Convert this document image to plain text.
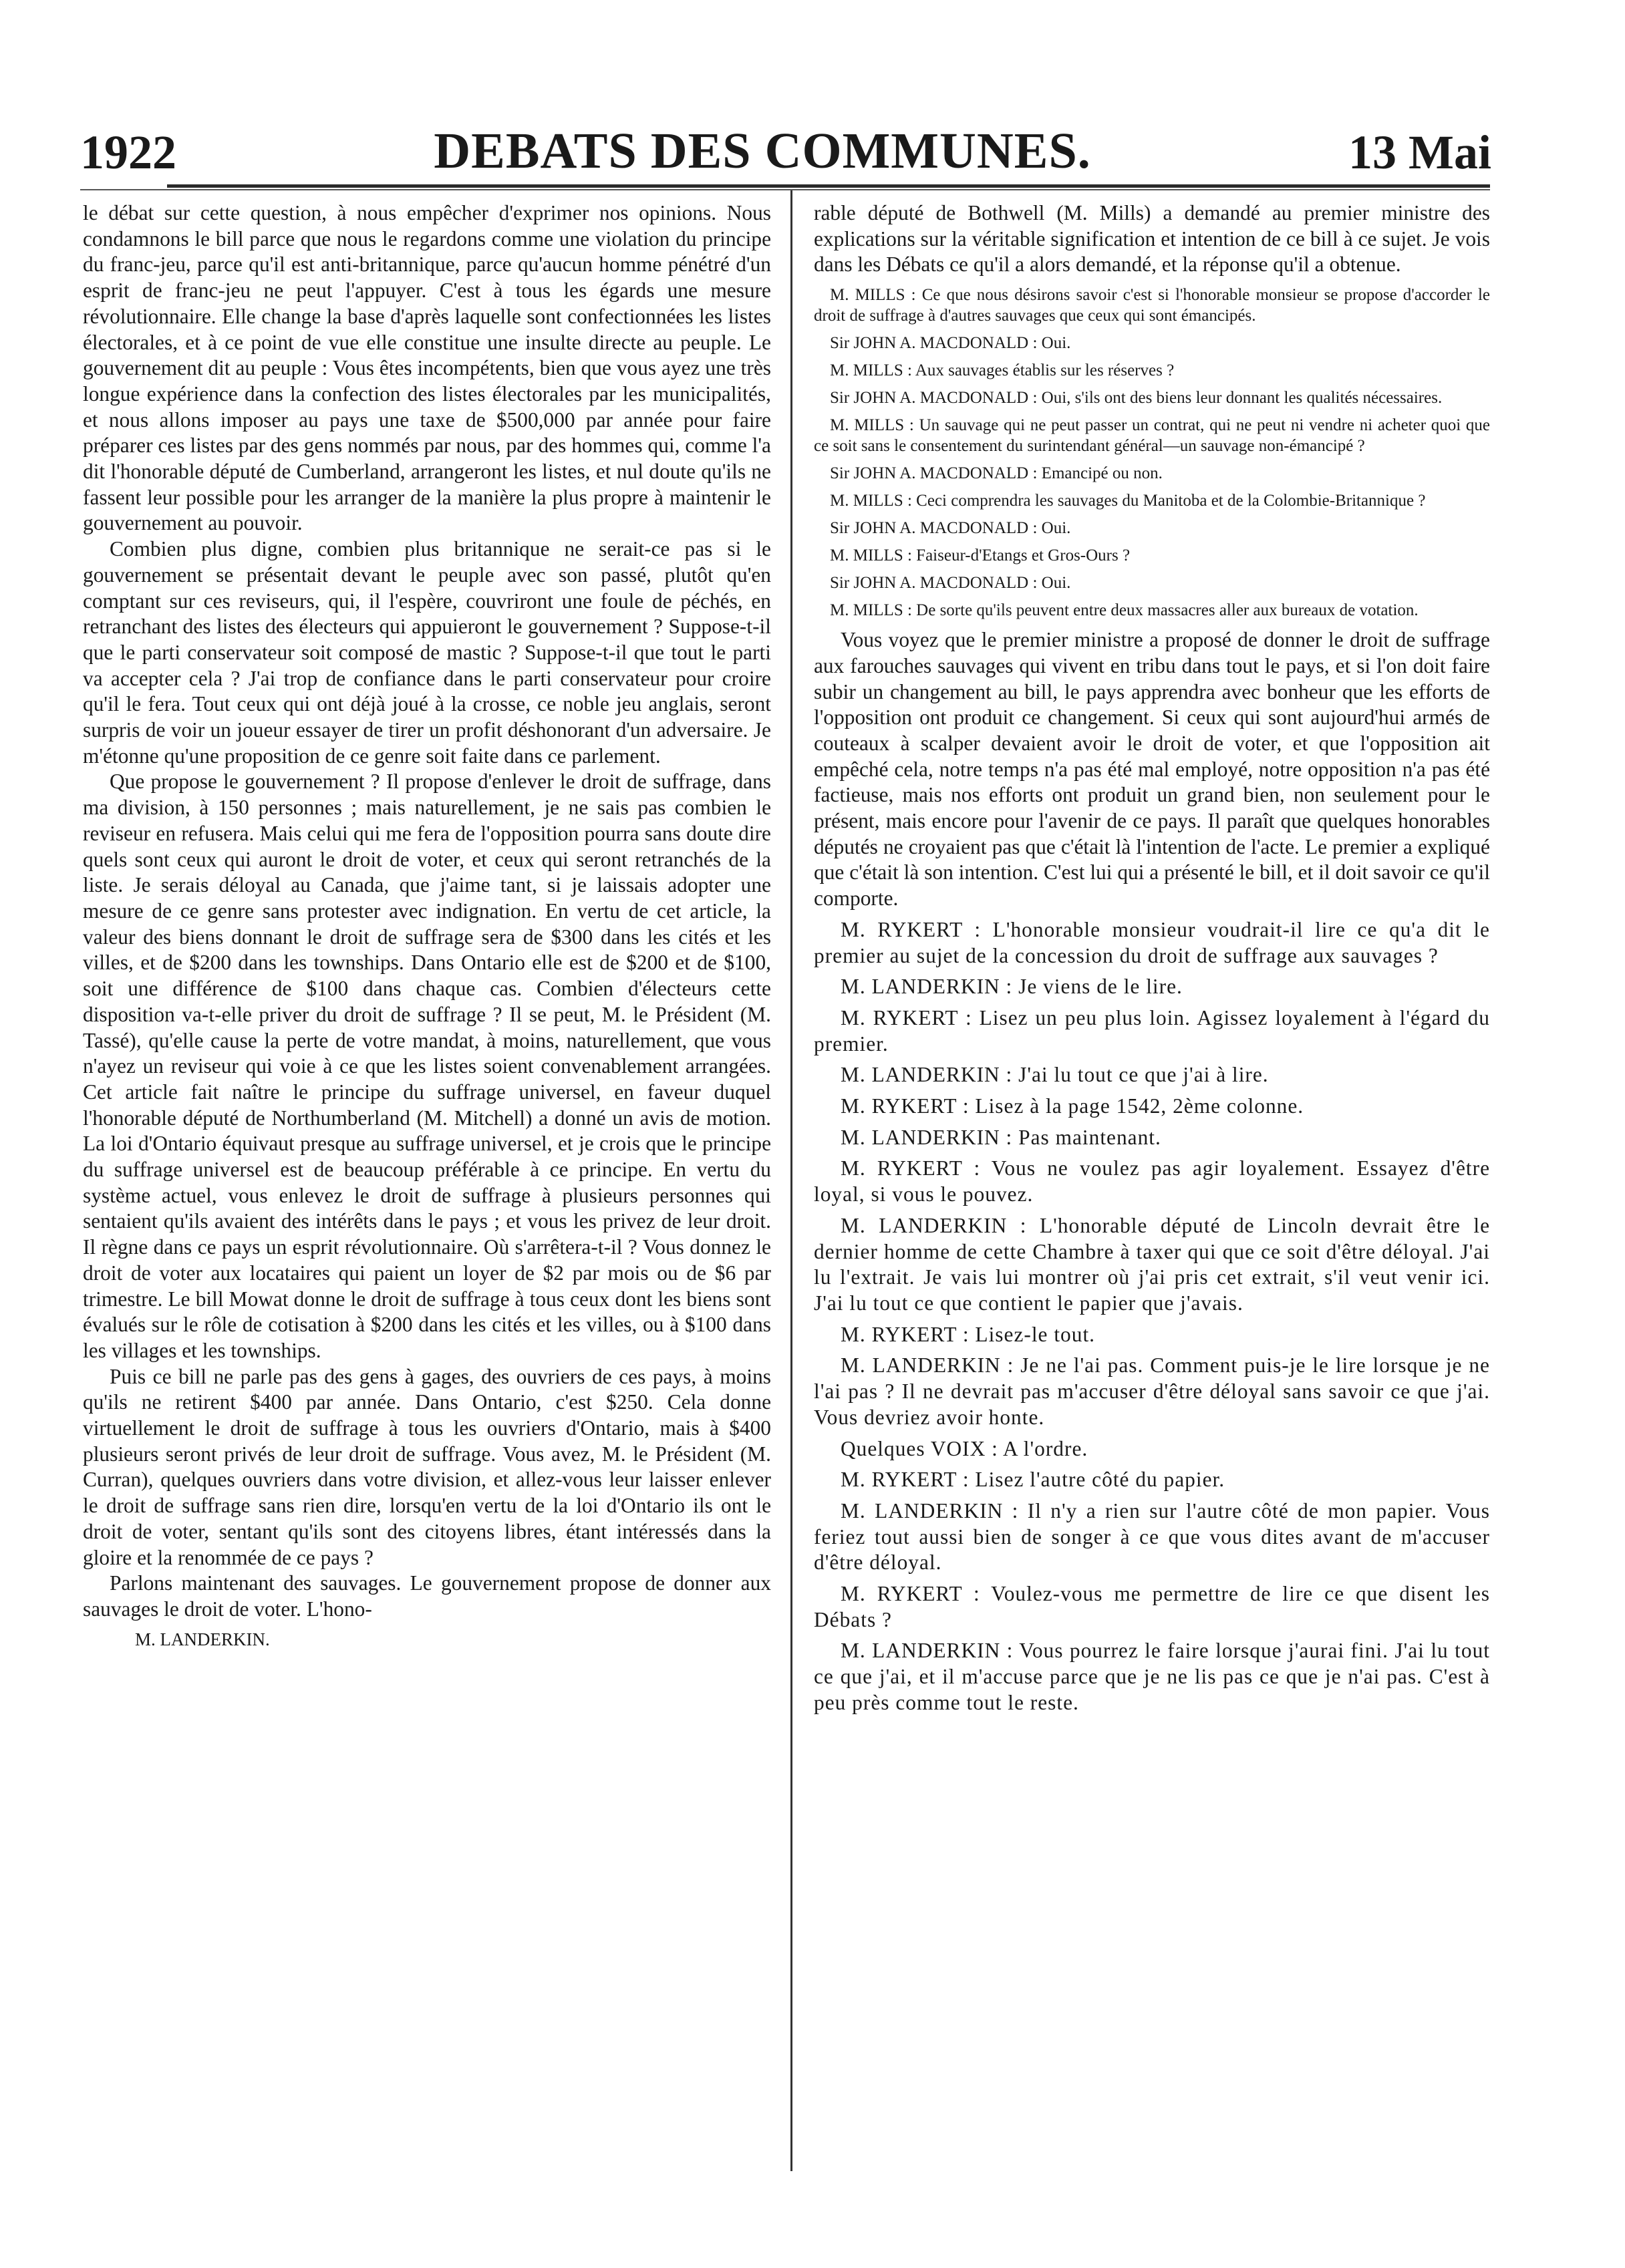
1922	DEBATS DES COMMUNES.	13 Mai

le débat sur cette question, à nous empêcher d'exprimer nos opinions. Nous condamnons le bill parce que nous le regardons comme une violation du principe du franc-jeu, parce qu'il est anti-britannique, parce qu'aucun homme pénétré d'un esprit de franc-jeu ne peut l'appuyer. C'est à tous les égards une mesure révolutionnaire. Elle change la base d'après laquelle sont confectionnées les listes électorales, et à ce point de vue elle constitue une insulte directe au peuple. Le gouvernement dit au peuple : Vous êtes incompétents, bien que vous ayez une très longue expérience dans la confection des listes électorales par les municipalités, et nous allons imposer au pays une taxe de $500,000 par année pour faire préparer ces listes par des gens nommés par nous, par des hommes qui, comme l'a dit l'honorable député de Cumberland, arrangeront les listes, et nul doute qu'ils ne fassent leur possible pour les arranger de la manière la plus propre à maintenir le gouvernement au pouvoir.

Combien plus digne, combien plus britannique ne serait-ce pas si le gouvernement se présentait devant le peuple avec son passé, plutôt qu'en comptant sur ces reviseurs, qui, il l'espère, couvriront une foule de péchés, en retranchant des listes des électeurs qui appuieront le gouvernement ? Suppose-t-il que le parti conservateur soit composé de mastic ? Suppose-t-il que tout le parti va accepter cela ? J'ai trop de confiance dans le parti conservateur pour croire qu'il le fera. Tout ceux qui ont déjà joué à la crosse, ce noble jeu anglais, seront surpris de voir un joueur essayer de tirer un profit déshonorant d'un adversaire. Je m'étonne qu'une proposition de ce genre soit faite dans ce parlement.

Que propose le gouvernement ? Il propose d'enlever le droit de suffrage, dans ma division, à 150 personnes ; mais naturellement, je ne sais pas combien le reviseur en refusera. Mais celui qui me fera de l'opposition pourra sans doute dire quels sont ceux qui auront le droit de voter, et ceux qui seront retranchés de la liste. Je serais déloyal au Canada, que j'aime tant, si je laissais adopter une mesure de ce genre sans protester avec indignation. En vertu de cet article, la valeur des biens donnant le droit de suffrage sera de $300 dans les cités et les villes, et de $200 dans les townships. Dans Ontario elle est de $200 et de $100, soit une différence de $100 dans chaque cas. Combien d'électeurs cette disposition va-t-elle priver du droit de suffrage ? Il se peut, M. le Président (M. Tassé), qu'elle cause la perte de votre mandat, à moins, naturellement, que vous n'ayez un reviseur qui voie à ce que les listes soient convenablement arrangées. Cet article fait naître le principe du suffrage universel, en faveur duquel l'honorable député de Northumberland (M. Mitchell) a donné un avis de motion. La loi d'Ontario équivaut presque au suffrage universel, et je crois que le principe du suffrage universel est de beaucoup préférable à ce principe. En vertu du système actuel, vous enlevez le droit de suffrage à plusieurs personnes qui sentaient qu'ils avaient des intérêts dans le pays ; et vous les privez de leur droit. Il règne dans ce pays un esprit révolutionnaire. Où s'arrêtera-t-il ? Vous donnez le droit de voter aux locataires qui paient un loyer de $2 par mois ou de $6 par trimestre. Le bill Mowat donne le droit de suffrage à tous ceux dont les biens sont évalués sur le rôle de cotisation à $200 dans les cités et les villes, ou à $100 dans les villages et les townships.

Puis ce bill ne parle pas des gens à gages, des ouvriers de ces pays, à moins qu'ils ne retirent $400 par année. Dans Ontario, c'est $250. Cela donne virtuellement le droit de suffrage à tous les ouvriers d'Ontario, mais à $400 plusieurs seront privés de leur droit de suffrage. Vous avez, M. le Président (M. Curran), quelques ouvriers dans votre division, et allez-vous leur laisser enlever le droit de suffrage sans rien dire, lorsqu'en vertu de la loi d'Ontario ils ont le droit de voter, sentant qu'ils sont des citoyens libres, étant intéressés dans la gloire et la renommée de ce pays ?

Parlons maintenant des sauvages. Le gouvernement propose de donner aux sauvages le droit de voter. L'hono-

M. LANDERKIN.

rable député de Bothwell (M. Mills) a demandé au premier ministre des explications sur la véritable signification et intention de ce bill à ce sujet. Je vois dans les Débats ce qu'il a alors demandé, et la réponse qu'il a obtenue.

M. MILLS : Ce que nous désirons savoir c'est si l'honorable monsieur se propose d'accorder le droit de suffrage à d'autres sauvages que ceux qui sont émancipés.

Sir JOHN A. MACDONALD : Oui.

M. MILLS : Aux sauvages établis sur les réserves ?

Sir JOHN A. MACDONALD : Oui, s'ils ont des biens leur donnant les qualités nécessaires.

M. MILLS : Un sauvage qui ne peut passer un contrat, qui ne peut ni vendre ni acheter quoi que ce soit sans le consentement du surintendant général—un sauvage non-émancipé ?

Sir JOHN A. MACDONALD : Emancipé ou non.

M. MILLS : Ceci comprendra les sauvages du Manitoba et de la Colombie-Britannique ?

Sir JOHN A. MACDONALD : Oui.

M. MILLS : Faiseur-d'Etangs et Gros-Ours ?

Sir JOHN A. MACDONALD : Oui.

M. MILLS : De sorte qu'ils peuvent entre deux massacres aller aux bureaux de votation.

Vous voyez que le premier ministre a proposé de donner le droit de suffrage aux farouches sauvages qui vivent en tribu dans tout le pays, et si l'on doit faire subir un changement au bill, le pays apprendra avec bonheur que les efforts de l'opposition ont produit ce changement. Si ceux qui sont aujourd'hui armés de couteaux à scalper devaient avoir le droit de voter, et que l'opposition ait empêché cela, notre temps n'a pas été mal employé, notre opposition n'a pas été factieuse, mais nos efforts ont produit un grand bien, non seulement pour le présent, mais encore pour l'avenir de ce pays. Il paraît que quelques honorables députés ne croyaient pas que c'était là l'intention de l'acte. Le premier a expliqué que c'était là son intention. C'est lui qui a présenté le bill, et il doit savoir ce qu'il comporte.

M. RYKERT : L'honorable monsieur voudrait-il lire ce qu'a dit le premier au sujet de la concession du droit de suffrage aux sauvages ?

M. LANDERKIN : Je viens de le lire.

M. RYKERT : Lisez un peu plus loin. Agissez loyalement à l'égard du premier.

M. LANDERKIN : J'ai lu tout ce que j'ai à lire.

M. RYKERT : Lisez à la page 1542, 2ème colonne.

M. LANDERKIN : Pas maintenant.

M. RYKERT : Vous ne voulez pas agir loyalement. Essayez d'être loyal, si vous le pouvez.

M. LANDERKIN : L'honorable député de Lincoln devrait être le dernier homme de cette Chambre à taxer qui que ce soit d'être déloyal. J'ai lu l'extrait. Je vais lui montrer où j'ai pris cet extrait, s'il veut venir ici. J'ai lu tout ce que contient le papier que j'avais.

M. RYKERT : Lisez-le tout.

M. LANDERKIN : Je ne l'ai pas. Comment puis-je le lire lorsque je ne l'ai pas ? Il ne devrait pas m'accuser d'être déloyal sans savoir ce que j'ai. Vous devriez avoir honte.

Quelques VOIX : A l'ordre.

M. RYKERT : Lisez l'autre côté du papier.

M. LANDERKIN : Il n'y a rien sur l'autre côté de mon papier. Vous feriez tout aussi bien de songer à ce que vous dites avant de m'accuser d'être déloyal.

M. RYKERT : Voulez-vous me permettre de lire ce que disent les Débats ?

M. LANDERKIN : Vous pourrez le faire lorsque j'aurai fini. J'ai lu tout ce que j'ai, et il m'accuse parce que je ne lis pas ce que je n'ai pas. C'est à peu près comme tout le reste.
